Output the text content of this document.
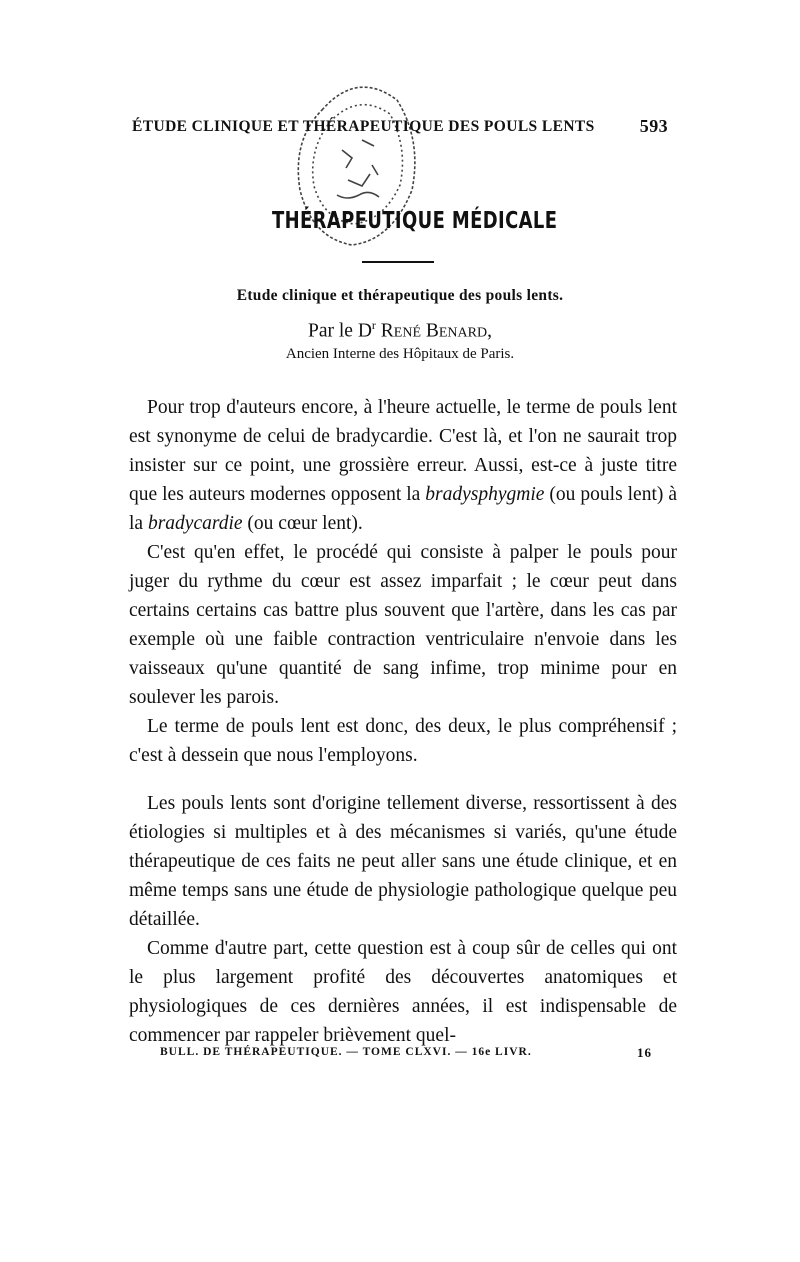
ÉTUDE CLINIQUE ET THÉRAPEUTIQUE DES POULS LENTS	593
THÉRAPEUTIQUE MÉDICALE
Etude clinique et thérapeutique des pouls lents.
Par le $D^r$ René Benard,
Ancien Interne des Hôpitaux de Paris.

Pour trop d'auteurs encore, à l'heure actuelle, le terme de pouls lent est synonyme de celui de bradycardie. C'est là, et l'on ne saurait trop insister sur ce point, une grossière erreur. Aussi, est-ce à juste titre que les auteurs modernes opposent la bradysphygmie (ou pouls lent) à la bradycardie (ou cœur lent).

C'est qu'en effet, le procédé qui consiste à palper le pouls pour juger du rythme du cœur est assez imparfait ; le cœur peut dans certains certains cas battre plus souvent que l'artère, dans les cas par exemple où une faible contraction ventriculaire n'envoie dans les vaisseaux qu'une quantité de sang infime, trop minime pour en soulever les parois.

Le terme de pouls lent est donc, des deux, le plus compréhensif ; c'est à dessein que nous l'employons.

Les pouls lents sont d'origine tellement diverse, ressortissent à des étiologies si multiples et à des mécanismes si variés, qu'une étude thérapeutique de ces faits ne peut aller sans une étude clinique, et en même temps sans une étude de physiologie pathologique quelque peu détaillée.

Comme d'autre part, cette question est à coup sûr de celles qui ont le plus largement profité des découvertes anatomiques et physiologiques de ces dernières années, il est indispensable de commencer par rappeler brièvement quel-

BULL. DE THÉRAPEUTIQUE. — TOME CLXVI. — 16e LIVR.	16
